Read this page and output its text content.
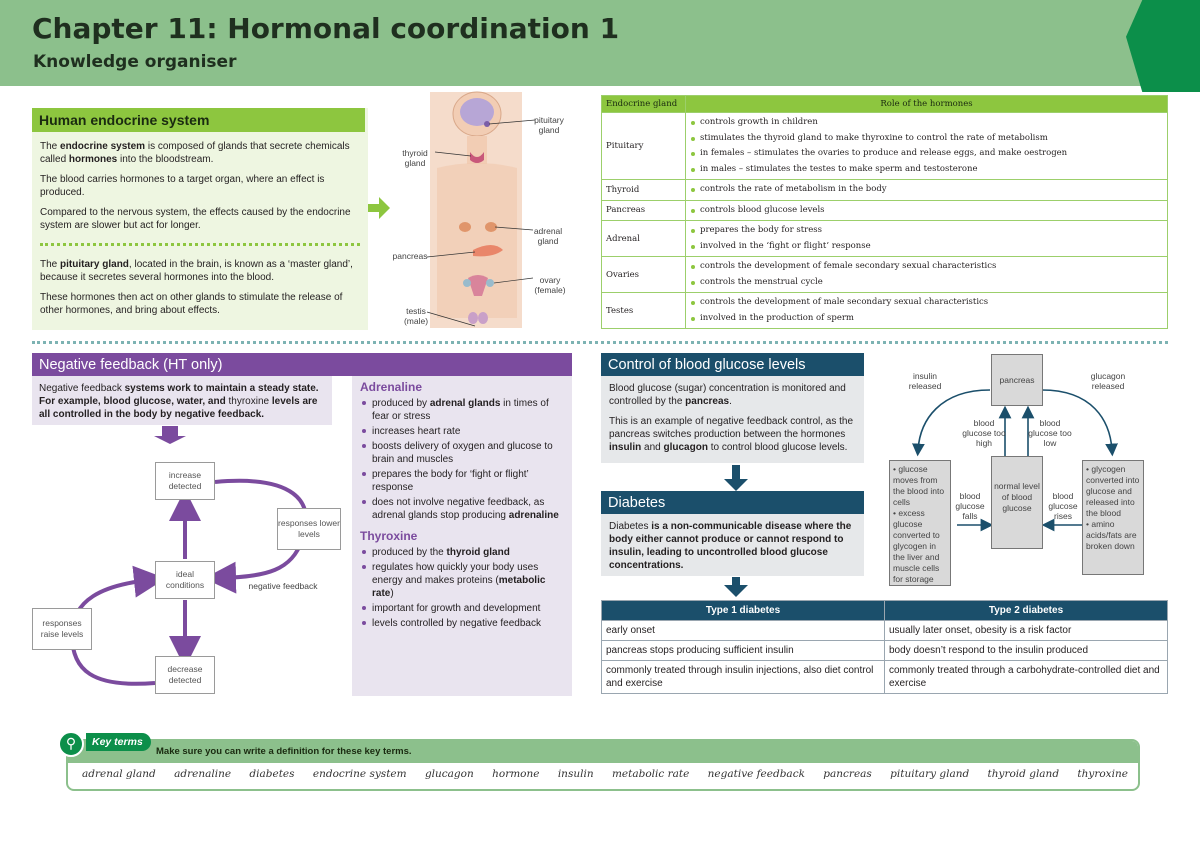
Chapter 11: Hormonal coordination 1
Knowledge organiser
Human endocrine system

The endocrine system is composed of glands that secrete chemicals called hormones into the bloodstream.

The blood carries hormones to a target organ, where an effect is produced.

Compared to the nervous system, the effects caused by the endocrine system are slower but act for longer.

The pituitary gland, located in the brain, is known as a ‘master gland’, because it secretes several hormones into the blood.

These hormones then act on other glands to stimulate the release of other hormones, and bring about effects.

pituitary gland
thyroid gland
adrenal gland
pancreas
ovary (female)
testis (male)
Endocrine gland	Role of the hormones
Pituitary	controls growth in children
stimulates the thyroid gland to make thyroxine to control the rate of metabolism
in females – stimulates the ovaries to produce and release eggs, and make oestrogen
in males – stimulates the testes to make sperm and testosterone

Thyroid	controls the rate of metabolism in the body

Pancreas	controls blood glucose levels

Adrenal	prepares the body for stress
involved in the ‘fight or flight’ response

Ovaries	controls the development of female secondary sexual characteristics
controls the menstrual cycle

Testes	controls the development of male secondary sexual characteristics
involved in the production of sperm
Negative feedback (HT only)
Negative feedback systems work to maintain a steady state. For example, blood glucose, water, and thyroxine levels are all controlled in the body by negative feedback.
increase detected
ideal conditions
decrease detected
responses lower levels
responses raise levels
negative feedback
Adrenaline
produced by adrenal glands in times of fear or stress
increases heart rate
boosts delivery of oxygen and glucose to brain and muscles
prepares the body for ‘fight or flight’ response
does not involve negative feedback, as adrenal glands stop producing adrenaline
Thyroxine
produced by the thyroid gland
regulates how quickly your body uses energy and makes proteins (metabolic rate)
important for growth and development
levels controlled by negative feedback
Control of blood glucose levels

Blood glucose (sugar) concentration is monitored and controlled by the pancreas.

This is an example of negative feedback control, as the pancreas switches production between the hormones insulin and glucagon to control blood glucose levels.

Diabetes
Diabetes is a non-communicable disease where the body either cannot produce or cannot respond to insulin, leading to uncontrolled blood glucose concentrations.
insulin released
glucagon released
pancreas
blood glucose too high
blood glucose too low
normal level of blood glucose
blood glucose falls
blood glucose rises
• glucose moves from the blood into cells
• excess glucose converted to glycogen in the liver and muscle cells for storage
• glycogen converted into glucose and released into the blood
• amino acids/fats are broken down
Type 1 diabetes	Type 2 diabetes
early onset	usually later onset, obesity is a risk factor
pancreas stops producing sufficient insulin	body doesn’t respond to the insulin produced
commonly treated through insulin injections, also diet control and exercise	commonly treated through a carbohydrate-controlled diet and exercise
Make sure you can write a definition for these key terms.
adrenal gland adrenaline diabetes endocrine system glucagon hormone insulin metabolic rate negative feedback pancreas pituitary gland thyroid gland thyroxine
⚲	Key terms
